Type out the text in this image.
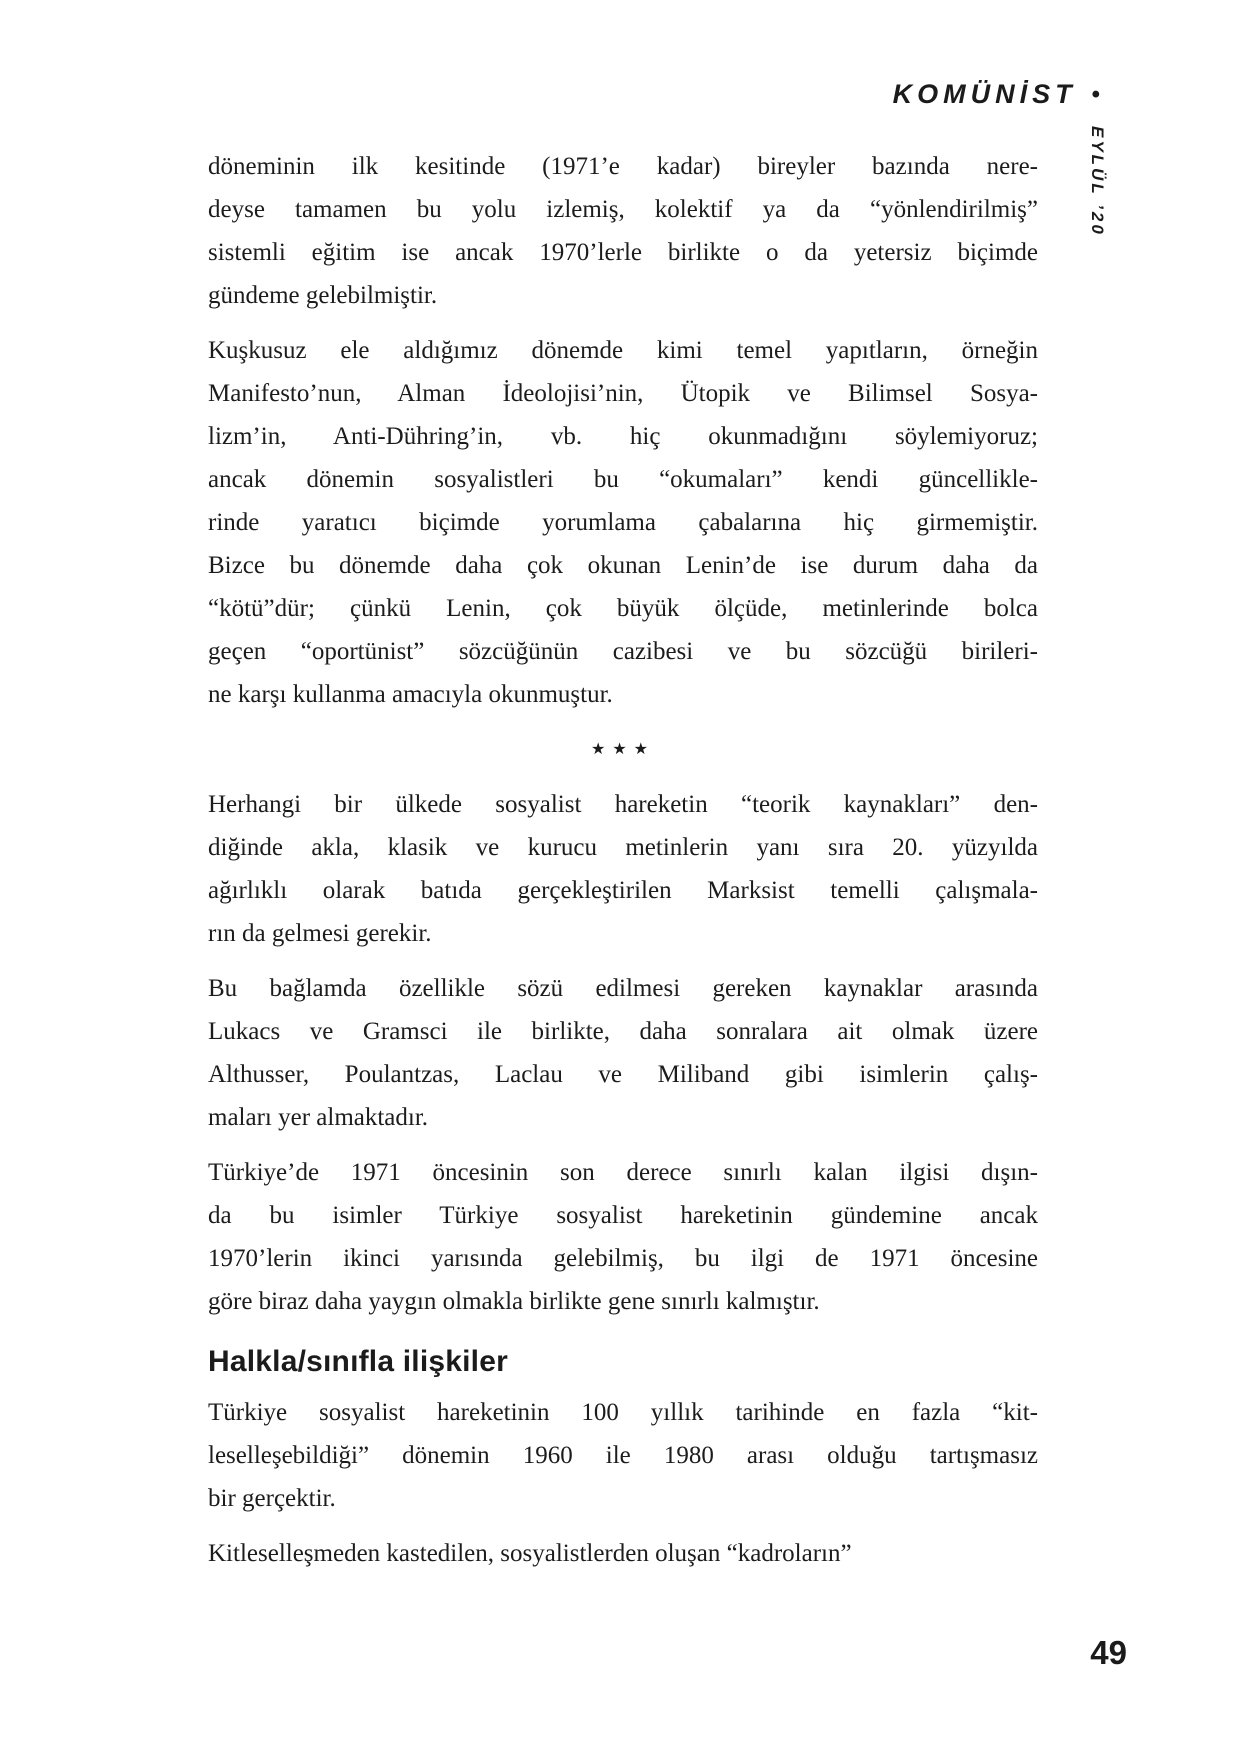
KOMÜNİST •
EYLÜL ’20

döneminin ilk kesitinde (1971’e kadar) bireyler bazında nere-
deyse tamamen bu yolu izlemiş, kolektif ya da “yönlendirilmiş”
sistemli eğitim ise ancak 1970’lerle birlikte o da yetersiz biçimde
gündeme gelebilmiştir.

Kuşkusuz ele aldığımız dönemde kimi temel yapıtların, örneğin
Manifesto’nun, Alman İdeolojisi’nin, Ütopik ve Bilimsel Sosya-
lizm’in, Anti-Dühring’in, vb. hiç okunmadığını söylemiyoruz;
ancak dönemin sosyalistleri bu “okumaları” kendi güncellikle-
rinde yaratıcı biçimde yorumlama çabalarına hiç girmemiştir.
Bizce bu dönemde daha çok okunan Lenin’de ise durum daha da
“kötü”dür; çünkü Lenin, çok büyük ölçüde, metinlerinde bolca
geçen “oportünist” sözcüğünün cazibesi ve bu sözcüğü birileri-
ne karşı kullanma amacıyla okunmuştur.

★★★

Herhangi bir ülkede sosyalist hareketin “teorik kaynakları” den-
diğinde akla, klasik ve kurucu metinlerin yanı sıra 20. yüzyılda
ağırlıklı olarak batıda gerçekleştirilen Marksist temelli çalışmala-
rın da gelmesi gerekir.

Bu bağlamda özellikle sözü edilmesi gereken kaynaklar arasında
Lukacs ve Gramsci ile birlikte, daha sonralara ait olmak üzere
Althusser, Poulantzas, Laclau ve Miliband gibi isimlerin çalış-
maları yer almaktadır.

Türkiye’de 1971 öncesinin son derece sınırlı kalan ilgisi dışın-
da bu isimler Türkiye sosyalist hareketinin gündemine ancak
1970’lerin ikinci yarısında gelebilmiş, bu ilgi de 1971 öncesine
göre biraz daha yaygın olmakla birlikte gene sınırlı kalmıştır.

Halkla/sınıfla ilişkiler

Türkiye sosyalist hareketinin 100 yıllık tarihinde en fazla “kit-
leselleşebildiği” dönemin 1960 ile 1980 arası olduğu tartışmasız
bir gerçektir.

Kitleselleşmeden kastedilen, sosyalistlerden oluşan “kadroların”

49
